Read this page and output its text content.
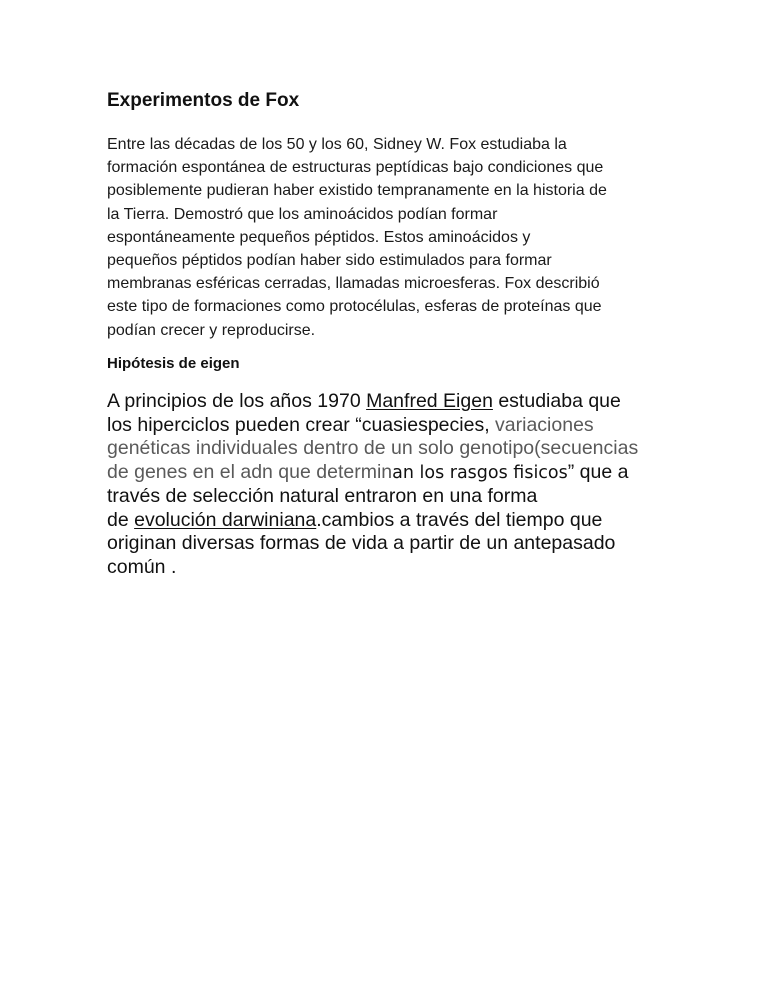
Experimentos de Fox

Entre las décadas de los 50 y los 60, Sidney W. Fox estudiaba la
formación espontánea de estructuras peptídicas bajo condiciones que
posiblemente pudieran haber existido tempranamente en la historia de
la Tierra. Demostró que los aminoácidos podían formar
espontáneamente pequeños péptidos. Estos aminoácidos y
pequeños péptidos podían haber sido estimulados para formar
membranas esféricas cerradas, llamadas microesferas. Fox describió
este tipo de formaciones como protocélulas, esferas de proteínas que
podían crecer y reproducirse.

Hipótesis de eigen

A principios de los años 1970 Manfred Eigen estudiaba que
los hiperciclos pueden crear “cuasiespecies, variaciones
genéticas individuales dentro de un solo genotipo(secuencias
de genes en el adn que determinan los rasgos fisicos” que a
través de selección natural entraron en una forma
de evolución darwiniana.cambios a través del tiempo que
originan diversas formas de vida a partir de un antepasado
común .
